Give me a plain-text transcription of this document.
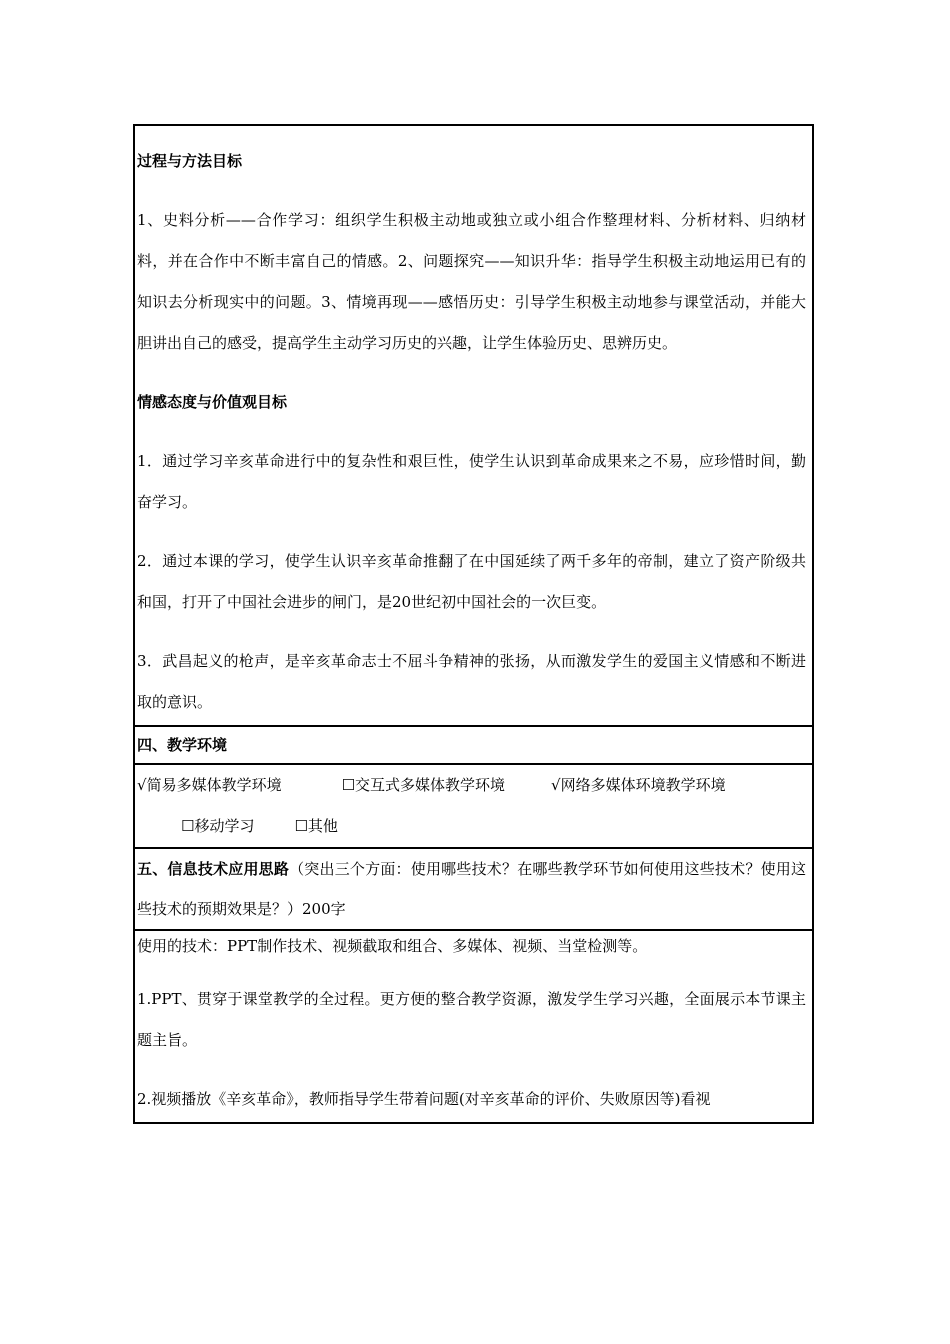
过程与方法目标

1、史料分析——合作学习：组织学生积极主动地或独立或小组合作整理材料、分析材料、归纳材料，并在合作中不断丰富自己的情感。2、问题探究——知识升华：指导学生积极主动地运用已有的知识去分析现实中的问题。3、情境再现——感悟历史：引导学生积极主动地参与课堂活动，并能大胆讲出自己的感受，提高学生主动学习历史的兴趣，让学生体验历史、思辨历史。

情感态度与价值观目标

1．通过学习辛亥革命进行中的复杂性和艰巨性，使学生认识到革命成果来之不易，应珍惜时间，勤奋学习。

2．通过本课的学习，使学生认识辛亥革命推翻了在中国延续了两千多年的帝制，建立了资产阶级共和国，打开了中国社会进步的闸门，是20世纪初中国社会的一次巨变。

3．武昌起义的枪声，是辛亥革命志士不屈斗争精神的张扬，从而激发学生的爱国主义情感和不断进取的意识。

四、教学环境

√简易多媒体教学环境	☐交互式多媒体教学环境	√网络多媒体环境教学环境☐移动学习	☐其他

五、信息技术应用思路（突出三个方面：使用哪些技术？在哪些教学环节如何使用这些技术？使用这些技术的预期效果是？）200字

使用的技术：PPT制作技术、视频截取和组合、多媒体、视频、当堂检测等。

1.PPT、贯穿于课堂教学的全过程。更方便的整合教学资源，激发学生学习兴趣，全面展示本节课主题主旨。

2.视频播放《辛亥革命》，教师指导学生带着问题(对辛亥革命的评价、失败原因等)看视
